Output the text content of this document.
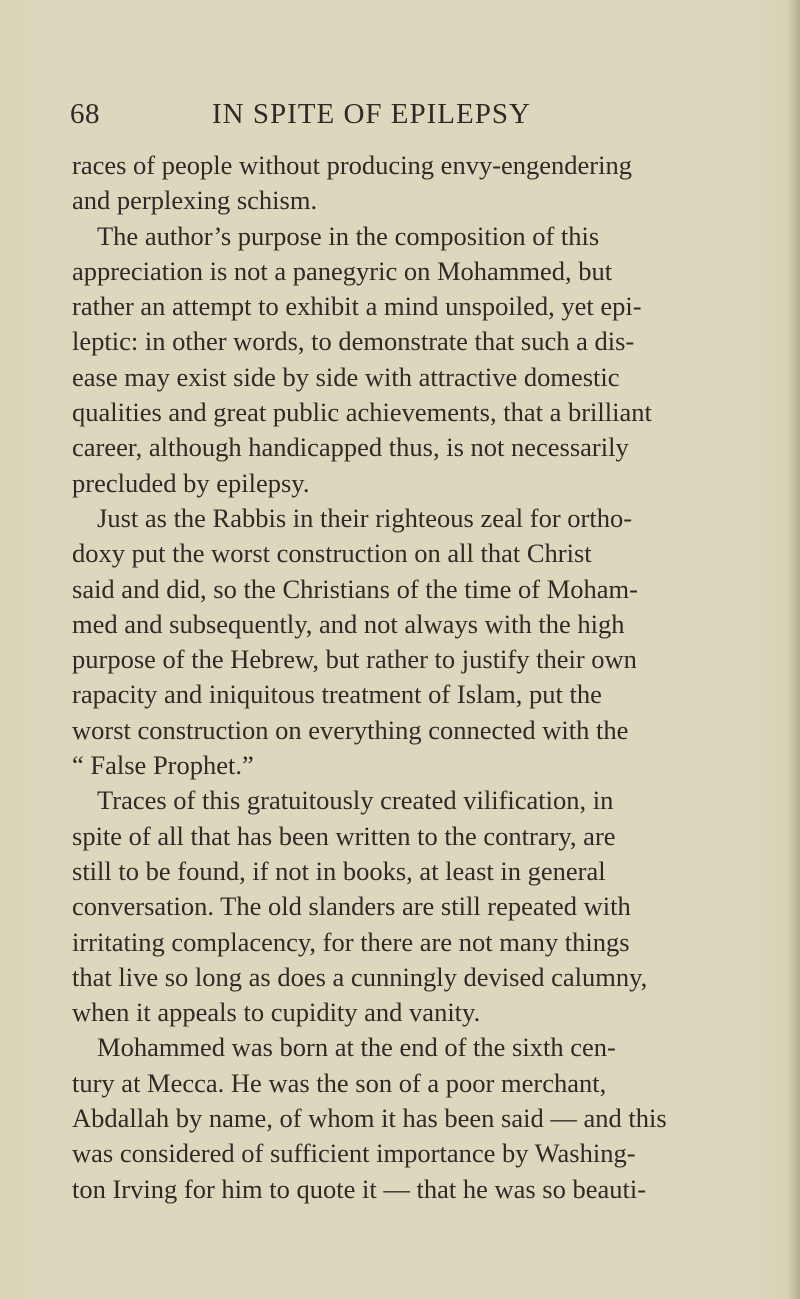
68	IN SPITE OF EPILEPSY
races of people without producing envy-engendering
and perplexing schism.
The author’s purpose in the composition of this
appreciation is not a panegyric on Mohammed, but
rather an attempt to exhibit a mind unspoiled, yet epi-
leptic: in other words, to demonstrate that such a dis-
ease may exist side by side with attractive domestic
qualities and great public achievements, that a brilliant
career, although handicapped thus, is not necessarily
precluded by epilepsy.
Just as the Rabbis in their righteous zeal for ortho-
doxy put the worst construction on all that Christ
said and did, so the Christians of the time of Moham-
med and subsequently, and not always with the high
purpose of the Hebrew, but rather to justify their own
rapacity and iniquitous treatment of Islam, put the
worst construction on everything connected with the
“ False Prophet.”
Traces of this gratuitously created vilification, in
spite of all that has been written to the contrary, are
still to be found, if not in books, at least in general
conversation. The old slanders are still repeated with
irritating complacency, for there are not many things
that live so long as does a cunningly devised calumny,
when it appeals to cupidity and vanity.
Mohammed was born at the end of the sixth cen-
tury at Mecca. He was the son of a poor merchant,
Abdallah by name, of whom it has been said — and this
was considered of sufficient importance by Washing-
ton Irving for him to quote it — that he was so beauti-
